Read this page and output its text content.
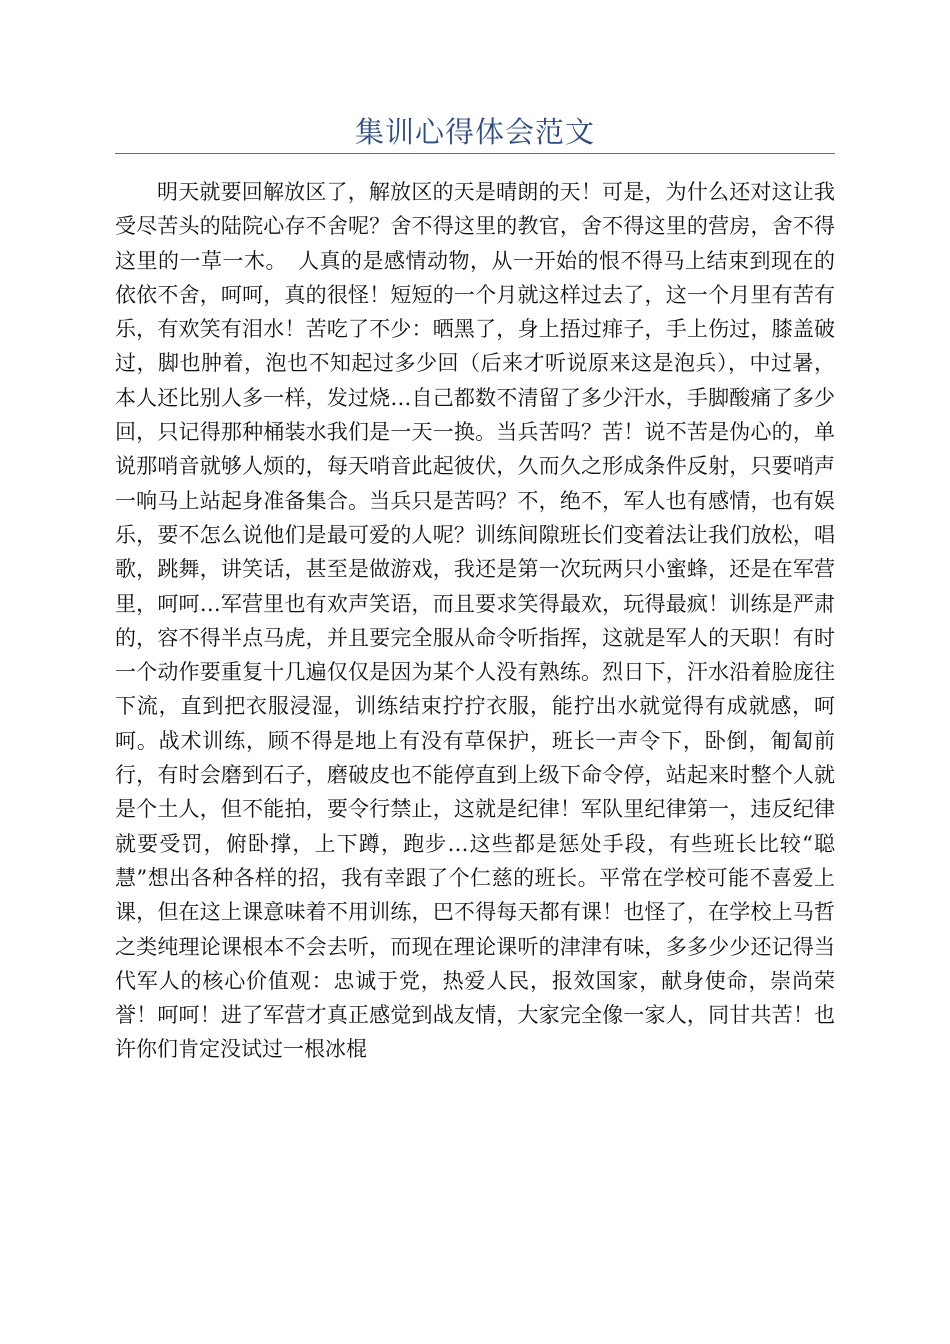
集训心得体会范文

明天就要回解放区了，解放区的天是晴朗的天！可是，为什么还对这让我受尽苦头的陆院心存不舍呢？舍不得这里的教官，舍不得这里的营房，舍不得这里的一草一木。　人真的是感情动物，从一开始的恨不得马上结束到现在的依依不舍，呵呵，真的很怪！短短的一个月就这样过去了，这一个月里有苦有乐，有欢笑有泪水！苦吃了不少：晒黑了，身上捂过痱子，手上伤过，膝盖破过，脚也肿着，泡也不知起过多少回（后来才听说原来这是泡兵），中过暑，本人还比别人多一样，发过烧…自己都数不清留了多少汗水，手脚酸痛了多少回，只记得那种桶装水我们是一天一换。当兵苦吗？苦！说不苦是伪心的，单说那哨音就够人烦的，每天哨音此起彼伏，久而久之形成条件反射，只要哨声一响马上站起身准备集合。当兵只是苦吗？不，绝不，军人也有感情，也有娱乐，要不怎么说他们是最可爱的人呢？训练间隙班长们变着法让我们放松，唱歌，跳舞，讲笑话，甚至是做游戏，我还是第一次玩两只小蜜蜂，还是在军营里，呵呵…军营里也有欢声笑语，而且要求笑得最欢，玩得最疯！训练是严肃的，容不得半点马虎，并且要完全服从命令听指挥，这就是军人的天职！有时一个动作要重复十几遍仅仅是因为某个人没有熟练。烈日下，汗水沿着脸庞往下流，直到把衣服浸湿，训练结束拧拧衣服，能拧出水就觉得有成就感，呵呵。战术训练，顾不得是地上有没有草保护，班长一声令下，卧倒，匍匐前行，有时会磨到石子，磨破皮也不能停直到上级下命令停，站起来时整个人就是个土人，但不能拍，要令行禁止，这就是纪律！军队里纪律第一，违反纪律就要受罚，俯卧撑，上下蹲，跑步…这些都是惩处手段，有些班长比较“聪慧”想出各种各样的招，我有幸跟了个仁慈的班长。平常在学校可能不喜爱上课，但在这上课意味着不用训练，巴不得每天都有课！也怪了，在学校上马哲之类纯理论课根本不会去听，而现在理论课听的津津有味，多多少少还记得当代军人的核心价值观：忠诚于党，热爱人民，报效国家，献身使命，崇尚荣誉！呵呵！进了军营才真正感觉到战友情，大家完全像一家人，同甘共苦！也许你们肯定没试过一根冰棍
